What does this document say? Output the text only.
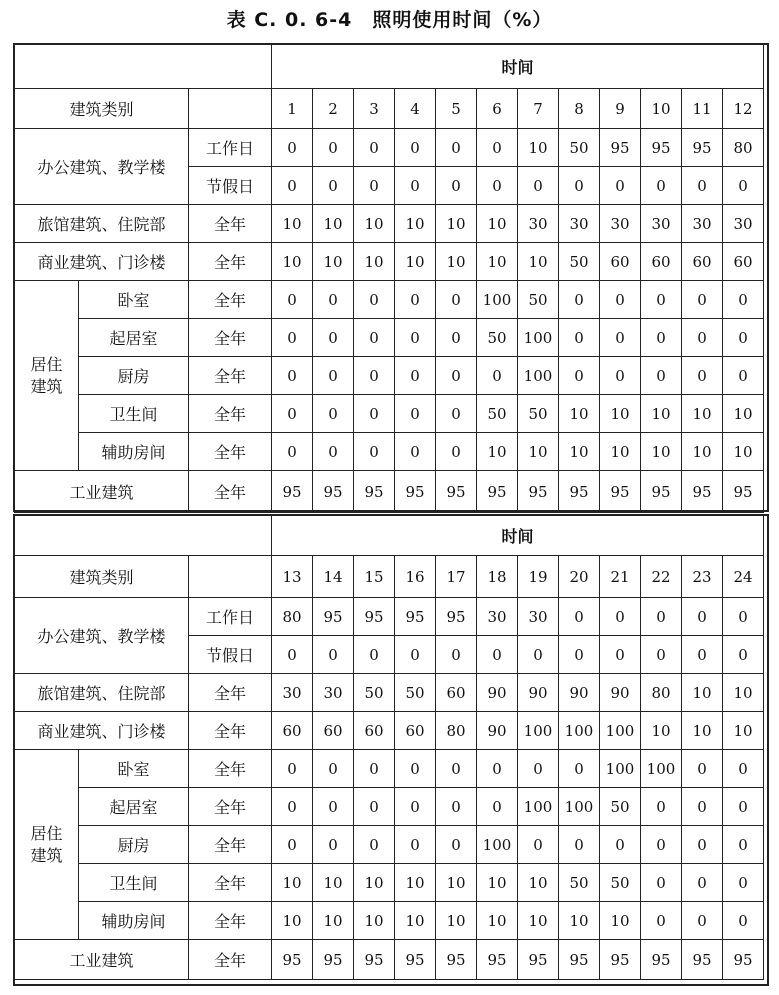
表 C. 0. 6-4　照明使用时间（%）
			时间											
建筑类别			1	2	3	4	5	6	7	8	9	10	11	12
办公建筑、教学楼		工作日	0	0	0	0	0	0	10	50	95	95	95	80
		节假日	0	0	0	0	0	0	0	0	0	0	0	0
旅馆建筑、住院部		全年	10	10	10	10	10	10	30	30	30	30	30	30
商业建筑、门诊楼		全年	10	10	10	10	10	10	10	50	60	60	60	60

居住建筑	卧室	全年	0	0	0	0	0	100	50	0	0	0	0	0
	起居室	全年	0	0	0	0	0	50	100	0	0	0	0	0
	厨房	全年	0	0	0	0	0	0	100	0	0	0	0	0
	卫生间	全年	0	0	0	0	0	50	50	10	10	10	10	10
	辅助房间	全年	0	0	0	0	0	10	10	10	10	10	10	10
工业建筑		全年	95	95	95	95	95	95	95	95	95	95	95	95
			时间											
建筑类别			13	14	15	16	17	18	19	20	21	22	23	24
办公建筑、教学楼		工作日	80	95	95	95	95	30	30	0	0	0	0	0
		节假日	0	0	0	0	0	0	0	0	0	0	0	0
旅馆建筑、住院部		全年	30	30	50	50	60	90	90	90	90	80	10	10
商业建筑、门诊楼		全年	60	60	60	60	80	90	100	100	100	10	10	10

居住建筑	卧室	全年	0	0	0	0	0	0	0	0	100	100	0	0
	起居室	全年	0	0	0	0	0	0	100	100	50	0	0	0
	厨房	全年	0	0	0	0	0	100	0	0	0	0	0	0
	卫生间	全年	10	10	10	10	10	10	10	50	50	0	0	0
	辅助房间	全年	10	10	10	10	10	10	10	10	10	0	0	0
工业建筑		全年	95	95	95	95	95	95	95	95	95	95	95	95
